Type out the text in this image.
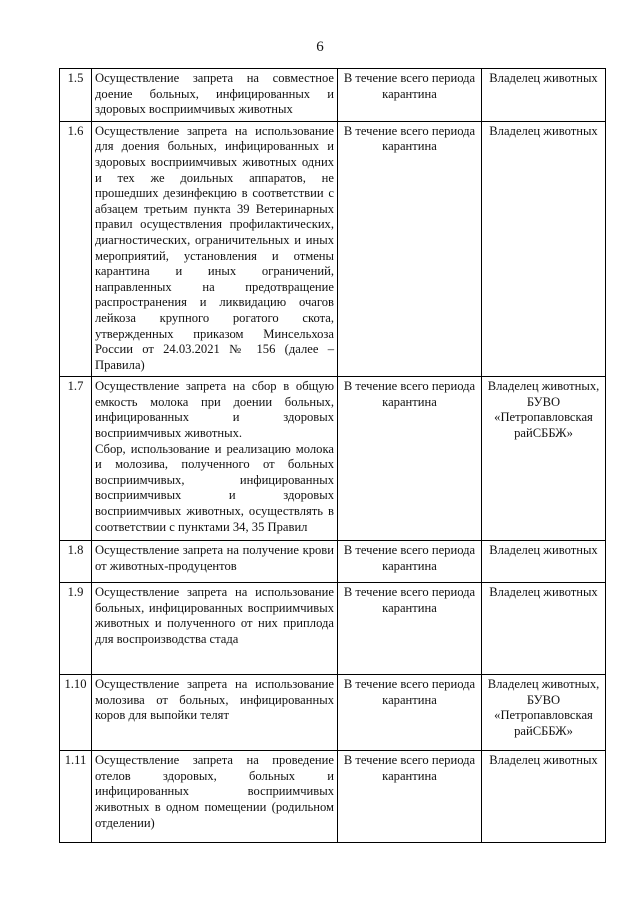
6
1.5	Осуществление запрета на совместное доение больных, инфицированных и здоровых восприимчивых животных	В течение всего периода карантина	Владелец животных
1.6	Осуществление запрета на использование для доения больных, инфицированных и здоровых восприимчивых животных одних и тех же доильных аппаратов, не прошедших дезинфекцию в соответствии с абзацем третьим пункта 39 Ветеринарных правил осуществления профилактических, диагностических, ограничительных и иных мероприятий, установления и отмены карантина и иных ограничений, направленных на предотвращение распространения и ликвидацию очагов лейкоза крупного рогатого скота, утвержденных приказом Минсельхоза России от 24.03.2021 № 156 (далее – Правила)	В течение всего периода карантина	Владелец животных
1.7	Осуществление запрета на сбор в общую емкость молока при доении больных, инфицированных и здоровых восприимчивых животных.
Сбор, использование и реализацию молока и молозива, полученного от больных восприимчивых, инфицированных восприимчивых и здоровых восприимчивых животных, осуществлять в соответствии с пунктами 34, 35 Правил	В течение всего периода карантина	Владелец животных, БУВО «Петропавловская райСББЖ»
1.8	Осуществление запрета на получение крови от животных-продуцентов	В течение всего периода карантина	Владелец животных
1.9	Осуществление запрета на использование больных, инфицированных восприимчивых животных и полученного от них приплода для воспроизводства стада	В течение всего периода карантина	Владелец животных
1.10	Осуществление запрета на использование молозива от больных, инфицированных коров для выпойки телят	В течение всего периода карантина	Владелец животных, БУВО «Петропавловская райСББЖ»
1.11	Осуществление запрета на проведение отелов здоровых, больных и инфицированных восприимчивых животных в одном помещении (родильном отделении)	В течение всего периода карантина	Владелец животных
